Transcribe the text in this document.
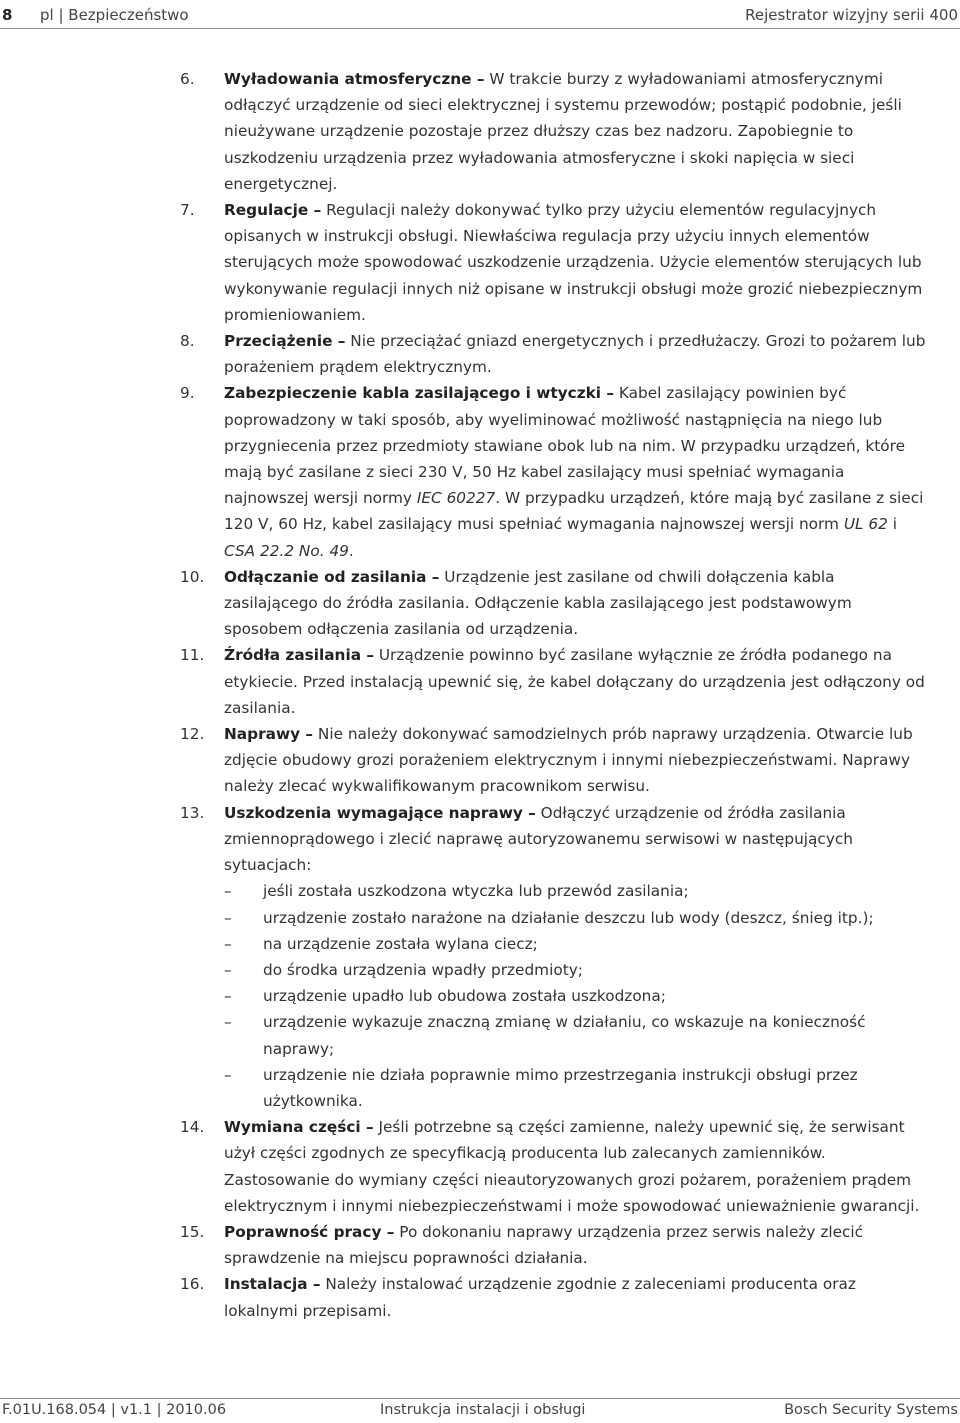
8 pl | Bezpieczeństwo	Rejestrator wizyjny serii 400
6.	Wyładowania atmosferyczne – W trakcie burzy z wyładowaniami atmosferycznymi odłączyć urządzenie od sieci elektrycznej i systemu przewodów; postąpić podobnie, jeśli nieużywane urządzenie pozostaje przez dłuższy czas bez nadzoru. Zapobiegnie to uszkodzeniu urządzenia przez wyładowania atmosferyczne i skoki napięcia w sieci energetycznej.
7.	Regulacje – Regulacji należy dokonywać tylko przy użyciu elementów regulacyjnych opisanych w instrukcji obsługi. Niewłaściwa regulacja przy użyciu innych elementów sterujących może spowodować uszkodzenie urządzenia. Użycie elementów sterujących lub wykonywanie regulacji innych niż opisane w instrukcji obsługi może grozić niebezpiecznym promieniowaniem.
8.	Przeciążenie – Nie przeciążać gniazd energetycznych i przedłużaczy. Grozi to pożarem lub porażeniem prądem elektrycznym.
9.	Zabezpieczenie kabla zasilającego i wtyczki – Kabel zasilający powinien być poprowadzony w taki sposób, aby wyeliminować możliwość nastąpnięcia na niego lub przygniecenia przez przedmioty stawiane obok lub na nim. W przypadku urządzeń, które mają być zasilane z sieci 230 V, 50 Hz kabel zasilający musi spełniać wymagania najnowszej wersji normy IEC 60227. W przypadku urządzeń, które mają być zasilane z sieci 120 V, 60 Hz, kabel zasilający musi spełniać wymagania najnowszej wersji norm UL 62 i CSA 22.2 No. 49.
10.	Odłączanie od zasilania – Urządzenie jest zasilane od chwili dołączenia kabla zasilającego do źródła zasilania. Odłączenie kabla zasilającego jest podstawowym sposobem odłączenia zasilania od urządzenia.
11.	Źródła zasilania – Urządzenie powinno być zasilane wyłącznie ze źródła podanego na etykiecie. Przed instalacją upewnić się, że kabel dołączany do urządzenia jest odłączony od zasilania.
12.	Naprawy – Nie należy dokonywać samodzielnych prób naprawy urządzenia. Otwarcie lub zdjęcie obudowy grozi porażeniem elektrycznym i innymi niebezpieczeństwami. Naprawy należy zlecać wykwalifikowanym pracownikom serwisu.
13.	Uszkodzenia wymagające naprawy – Odłączyć urządzenie od źródła zasilania zmiennoprądowego i zlecić naprawę autoryzowanemu serwisowi w następujących sytuacjach:
– jeśli została uszkodzona wtyczka lub przewód zasilania;
– urządzenie zostało narażone na działanie deszczu lub wody (deszcz, śnieg itp.);
– na urządzenie została wylana ciecz;
– do środka urządzenia wpadły przedmioty;
– urządzenie upadło lub obudowa została uszkodzona;
– urządzenie wykazuje znaczną zmianę w działaniu, co wskazuje na konieczność naprawy;
– urządzenie nie działa poprawnie mimo przestrzegania instrukcji obsługi przez użytkownika.
14.	Wymiana części – Jeśli potrzebne są części zamienne, należy upewnić się, że serwisant użył części zgodnych ze specyfikacją producenta lub zalecanych zamienników. Zastosowanie do wymiany części nieautoryzowanych grozi pożarem, porażeniem prądem elektrycznym i innymi niebezpieczeństwami i może spowodować unieważnienie gwarancji.
15.	Poprawność pracy – Po dokonaniu naprawy urządzenia przez serwis należy zlecić sprawdzenie na miejscu poprawności działania.
16.	Instalacja – Należy instalować urządzenie zgodnie z zaleceniami producenta oraz lokalnymi przepisami.
F.01U.168.054 | v1.1 | 2010.06	Instrukcja instalacji i obsługi	Bosch Security Systems
